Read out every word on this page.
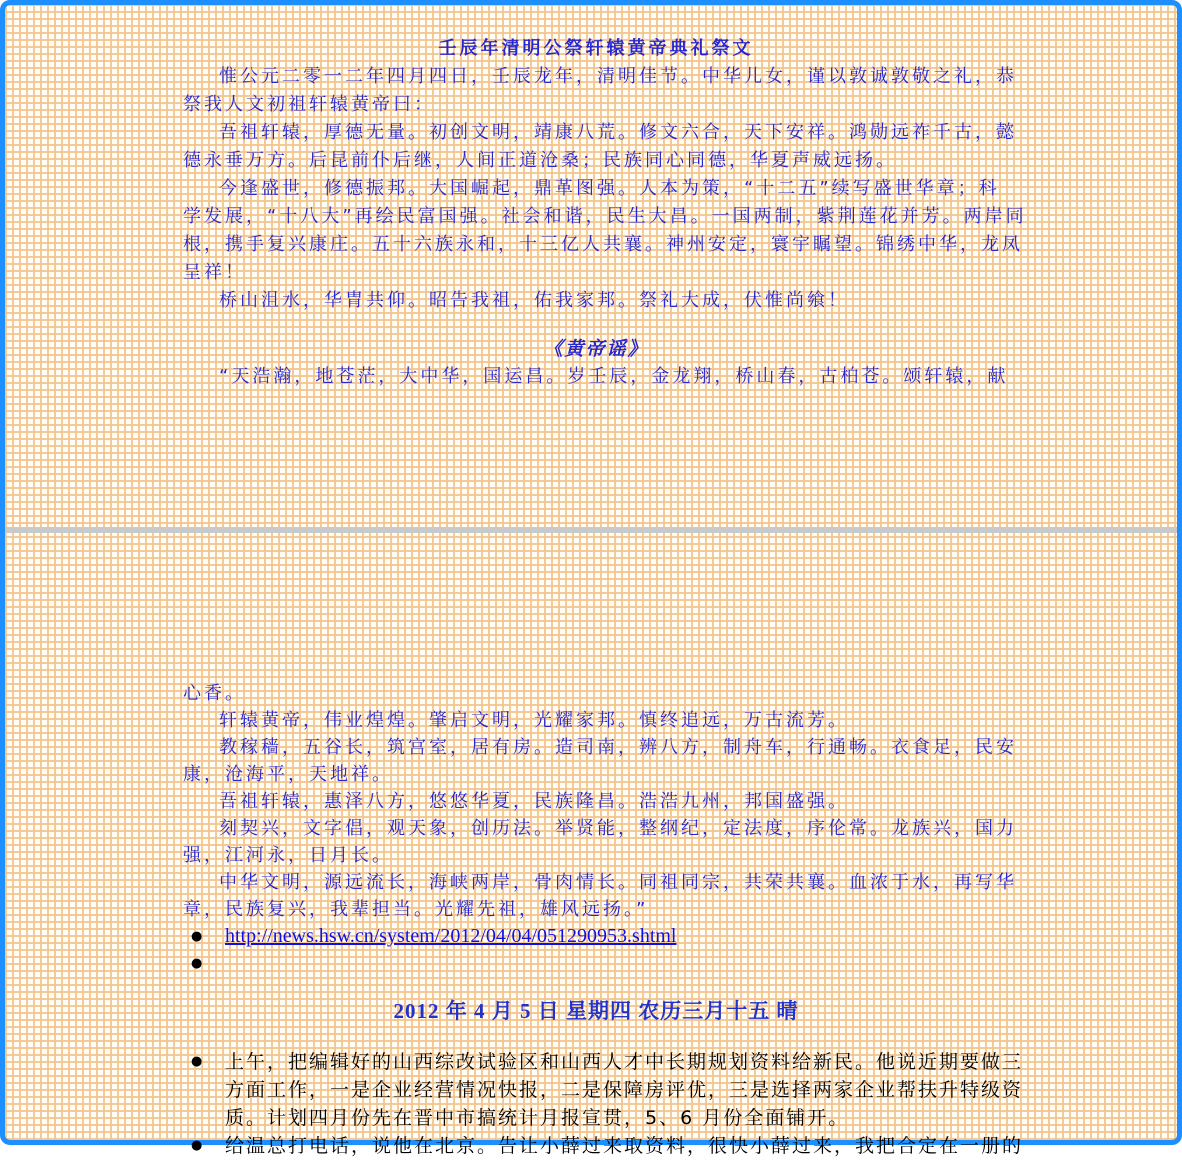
壬辰年清明公祭轩辕黄帝典礼祭文
惟公元二零一二年四月四日，壬辰龙年，清明佳节。中华儿女，谨以敦诚敦敬之礼，恭
祭我人文初祖轩辕黄帝曰：
吾祖轩辕，厚德无量。初创文明，靖康八荒。修文六合，天下安祥。鸿勋远祚千古，懿
德永垂万方。后昆前仆后继，人间正道沧桑；民族同心同德，华夏声威远扬。
今逢盛世，修德振邦。大国崛起，鼎革图强。人本为策，“十二五”续写盛世华章；科
学发展，“十八大”再绘民富国强。社会和谐，民生大昌。一国两制，紫荆莲花并芳。两岸同
根，携手复兴康庄。五十六族永和，十三亿人共襄。神州安定，寰宇瞩望。锦绣中华，龙凤
呈祥！
桥山沮水，华胄共仰。昭告我祖，佑我家邦。祭礼大成，伏惟尚飨！
《黄帝谣》
“天浩瀚，地苍茫，大中华，国运昌。岁壬辰，金龙翔，桥山春，古柏苍。颂轩辕，献
心香。
轩辕黄帝，伟业煌煌。肇启文明，光耀家邦。慎终追远，万古流芳。
教稼穑，五谷长，筑宫室，居有房。造司南，辨八方，制舟车，行通畅。衣食足，民安
康，沧海平，天地祥。
吾祖轩辕，惠泽八方，悠悠华夏，民族隆昌。浩浩九州，邦国盛强。
刻契兴，文字倡，观天象，创历法。举贤能，整纲纪，定法度，序伦常。龙族兴，国力
强，江河永，日月长。
中华文明，源远流长，海峡两岸，骨肉情长。同祖同宗，共荣共襄。血浓于水，再写华
章，民族复兴，我辈担当。光耀先祖，雄风远扬。”
●	http://news.hsw.cn/system/2012/04/04/051290953.shtml
●
2012 年 4 月 5 日 星期四 农历三月十五 晴
●	上午，把编辑好的山西综改试验区和山西人才中长期规划资料给新民。他说近期要做三
方面工作，一是企业经营情况快报，二是保障房评优，三是选择两家企业帮扶升特级资
质。计划四月份先在晋中市搞统计月报宣贯，5、6 月份全面铺开。
●	给温总打电话，说他在北京。告让小薛过来取资料，很快小薛过来，我把合定在一册的
